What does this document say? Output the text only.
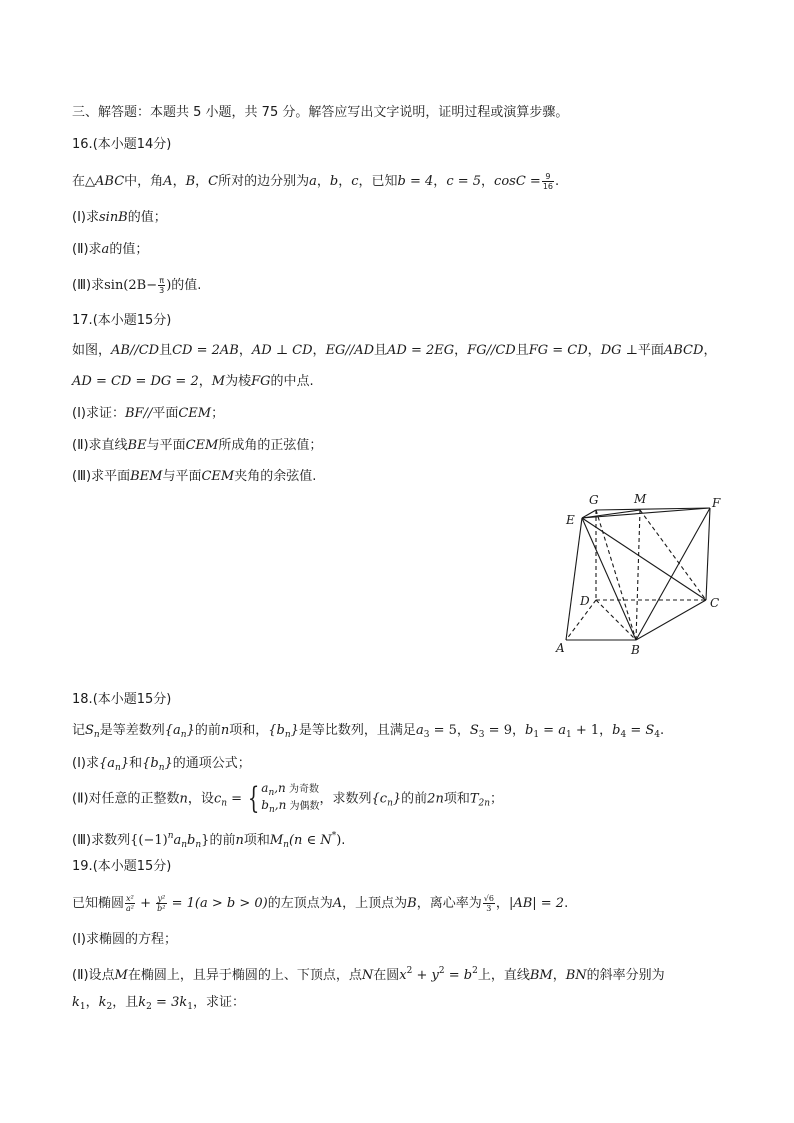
三、解答题：本题共 5 小题，共 75 分。解答应写出文字说明，证明过程或演算步骤。
16.(本小题14分)
在△ABC中，角A，B，C所对的边分别为a，b，c，已知b = 4，c = 5，$\cos C = \frac{9}{16}$ .
(Ⅰ)求sinB的值；
(Ⅱ)求a的值；
(Ⅲ)求$\sin(2B- \frac{\pi}{3}$ )的值.
17.(本小题15分)
如图，AB//CD且CD = 2AB，AD ⊥ CD，EG//AD且AD = 2EG，FG//CD且FG = CD，DG ⊥平面ABCD，
AD = CD = DG = 2，M为棱FG的中点.
(Ⅰ)求证：BF//平面CEM；
(Ⅱ)求直线BE与平面CEM所成角的正弦值；
(Ⅲ)求平面BEM与平面CEM夹角的余弦值.
G	M	F
E
D	C
A	B
18.(本小题15分)
记$S_n$是等差数列$\{a_n\}$的前n项和，$\{b_n\}$是等比数列，且满足$a_3 = 5$，$S_3 = 9$，$b_1 = a_1 + 1$，$b_4 = S_4$.
(Ⅰ)求$\{a_n\}$和$\{b_n\}$的通项公式；
(Ⅱ)对任意的正整数n，设$c_n$ = { $a_n,n$ 为奇数
$b_n,n$ 为偶数 ，求数列$\{c_n\}$的前2n项和$T_{2n}$；
(Ⅲ)求数列$\{(-1)^na_nb_n\}$的前n项和$M_n(n$ ∈ N*).
19.(本小题15分)
已知椭圆 $\frac{\text{x²}}{\text{a²}} + \frac{\text{y²}}{\text{b²}} = 1(a > b > 0)$的左顶点为A，上顶点为B，离心率为 $\frac{√6}{3}$ ，|AB| = 2.
(Ⅰ)求椭圆的方程；
(Ⅱ)设点M在椭圆上，且异于椭圆的上、下顶点，点N在圆$x^2 + y^2 = b^2$上，直线BM，BN的斜率分别为
$k_1$，$k_2$，且$k_2 = 3k_1$，求证：
